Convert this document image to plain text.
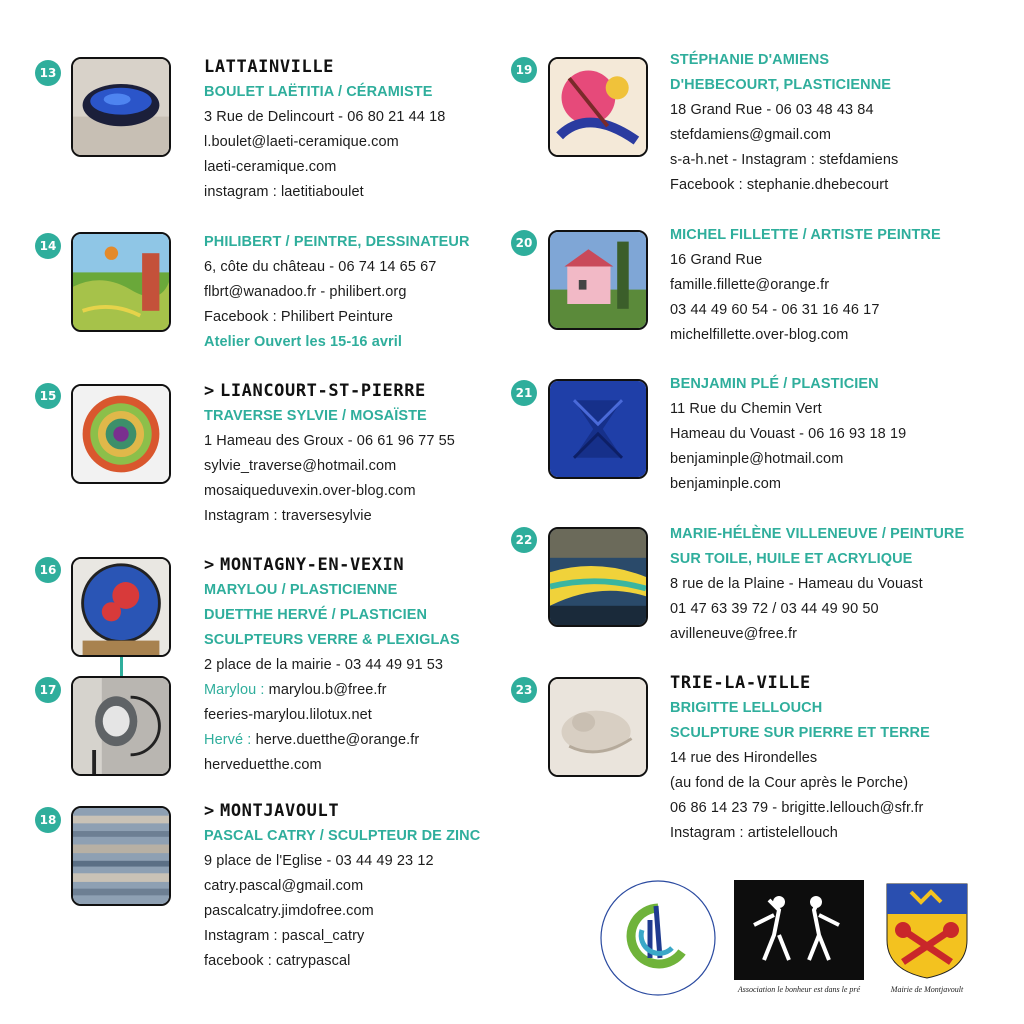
13	LATTAINVILLE
BOULET LAËTITIA / CÉRAMISTE
3 Rue de Delincourt - 06 80 21 44 18
l.boulet@laeti-ceramique.com
laeti-ceramique.com
instagram : laetitiaboulet
14	PHILIBERT / PEINTRE, DESSINATEUR
6, côte du château - 06 74 14 65 67
flbrt@wanadoo.fr - philibert.org
Facebook : Philibert Peinture
Atelier Ouvert les 15-16 avril
15	> LIANCOURT-ST-PIERRE
TRAVERSE SYLVIE / MOSAÏSTE
1 Hameau des Groux - 06 61 96 77 55
sylvie_traverse@hotmail.com
mosaiqueduvexin.over-blog.com
Instagram : traversesylvie
16
17
> MONTAGNY-EN-VEXIN
MARYLOU / PLASTICIENNE
DUETTHE HERVÉ / PLASTICIEN
SCULPTEURS VERRE & PLEXIGLAS
2 place de la mairie - 03 44 49 91 53
Marylou : marylou.b@free.fr
feeries-marylou.lilotux.net
Hervé : herve.duetthe@orange.fr
herveduetthe.com
18	> MONTJAVOULT
PASCAL CATRY / SCULPTEUR DE ZINC
9 place de l'Eglise - 03 44 49 23 12
catry.pascal@gmail.com
pascalcatry.jimdofree.com
Instagram : pascal_catry
facebook : catrypascal
19
STÉPHANIE D'AMIENS
D'HEBECOURT, PLASTICIENNE
18 Grand Rue - 06 03 48 43 84
stefdamiens@gmail.com
s-a-h.net - Instagram : stefdamiens
Facebook : stephanie.dhebecourt
20	MICHEL FILLETTE / ARTISTE PEINTRE
16 Grand Rue
famille.fillette@orange.fr
03 44 49 60 54 - 06 31 16 46 17
michelfillette.over-blog.com
21
BENJAMIN PLÉ / PLASTICIEN
11 Rue du Chemin Vert
Hameau du Vouast - 06 16 93 18 19
benjaminple@hotmail.com
benjaminple.com
22	MARIE-HÉLÈNE VILLENEUVE / PEINTURE
SUR TOILE, HUILE ET ACRYLIQUE
8 rue de la Plaine - Hameau du Vouast
01 47 63 39 72 / 03 44 49 90 50
avilleneuve@free.fr
23	TRIE-LA-VILLE
BRIGITTE LELLOUCH
SCULPTURE SUR PIERRE ET TERRE
14 rue des Hirondelles
(au fond de la Cour après le Porche)
06 86 14 23 79 - brigitte.lellouch@sfr.fr
Instagram : artistelellouch
Association le bonheur est dans le pré	Mairie de Montjavoult
